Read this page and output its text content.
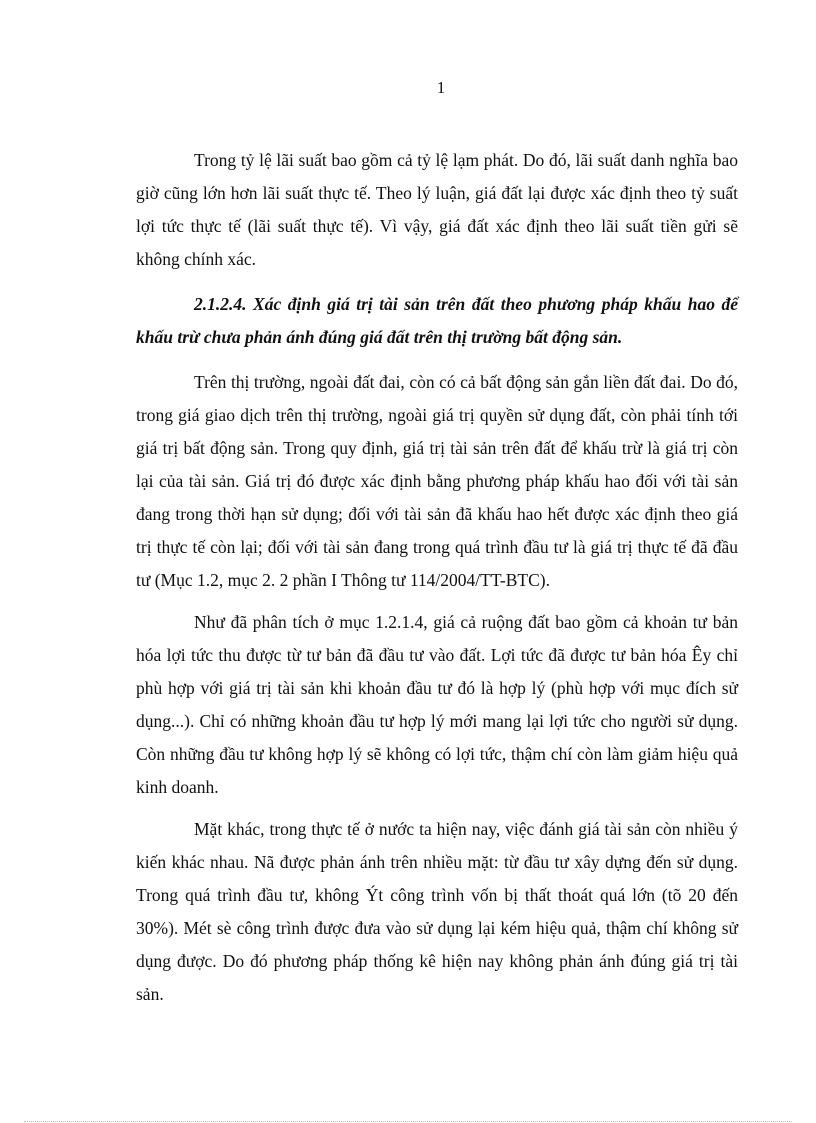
1

Trong tỷ lệ lãi suất bao gồm cả tỷ lệ lạm phát. Do đó, lãi suất danh nghĩa bao giờ cũng lớn hơn lãi suất thực tế. Theo lý luận, giá đất lại được xác định theo tỷ suất lợi tức thực tế (lãi suất thực tế). Vì vậy, giá đất xác định theo lãi suất tiền gửi sẽ không chính xác.

2.1.2.4. Xác định giá trị tài sản trên đất theo phương pháp khấu hao để khấu trừ chưa phản ánh đúng giá đất trên thị trường bất động sản.

Trên thị trường, ngoài đất đai, còn có cả bất động sản gắn liền đất đai. Do đó, trong giá giao dịch trên thị trường, ngoài giá trị quyền sử dụng đất, còn phải tính tới giá trị bất động sản. Trong quy định, giá trị tài sản trên đất để khấu trừ là giá trị còn lại của tài sản. Giá trị đó được xác định bằng phương pháp khấu hao đối với tài sản đang trong thời hạn sử dụng; đối với tài sản đã khấu hao hết được xác định theo giá trị thực tế còn lại; đối với tài sản đang trong quá trình đầu tư là giá trị thực tế đã đầu tư (Mục 1.2, mục 2. 2 phần I Thông tư 114/2004/TT-BTC).

Như đã phân tích ở mục 1.2.1.4, giá cả ruộng đất bao gồm cả khoản tư bản hóa lợi tức thu được từ tư bản đã đầu tư vào đất. Lợi tức đã được tư bản hóa Êy chỉ phù hợp với giá trị tài sản khi khoản đầu tư đó là hợp lý (phù hợp với mục đích sử dụng...). Chỉ có những khoản đầu tư hợp lý mới mang lại lợi tức cho người sử dụng. Còn những đầu tư không hợp lý sẽ không có lợi tức, thậm chí còn làm giảm hiệu quả kinh doanh.

Mặt khác, trong thực tế ở nước ta hiện nay, việc đánh giá tài sản còn nhiều ý kiến khác nhau. Nã được phản ánh trên nhiều mặt: từ đầu tư xây dựng đến sử dụng. Trong quá trình đầu tư, không Ýt công trình vốn bị thất thoát quá lớn (tõ 20 đến 30%). Mét sè công trình được đưa vào sử dụng lại kém hiệu quả, thậm chí không sử dụng được. Do đó phương pháp thống kê hiện nay không phản ánh đúng giá trị tài sản.
